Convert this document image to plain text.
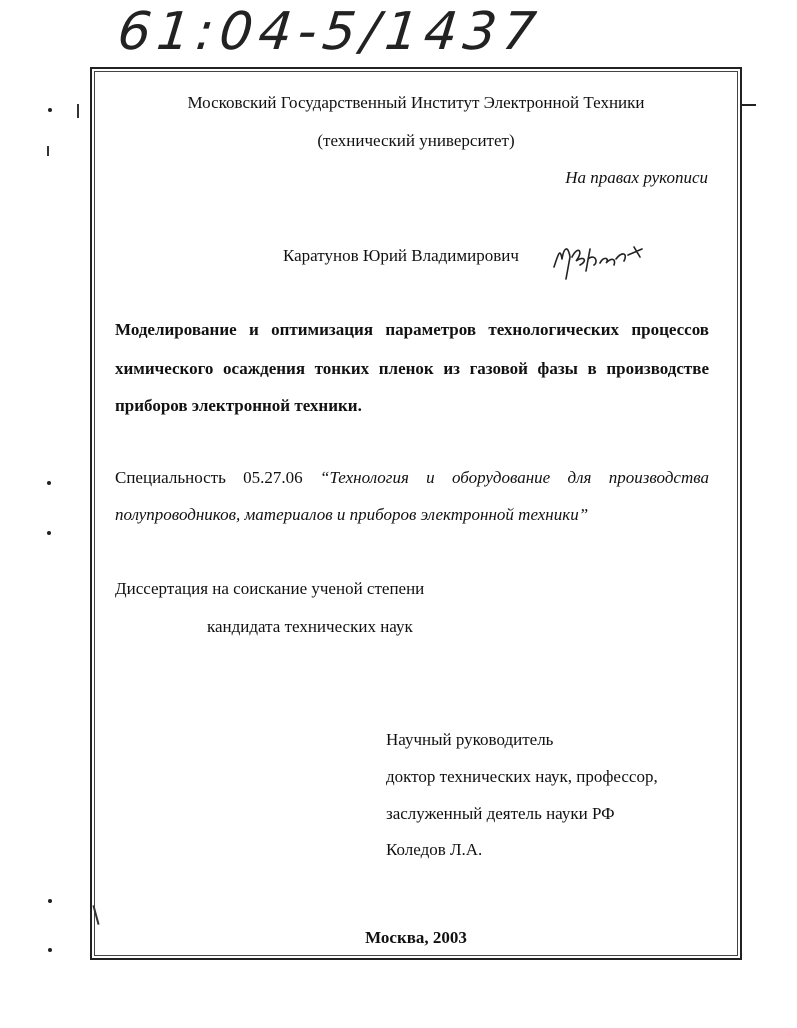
61:04-5/1437
Московский Государственный Институт Электронной Техники
(технический университет)
На правах рукописи
Каратунов Юрий Владимирович
Моделирование и оптимизация параметров технологических процессов
химического осаждения тонких пленок из газовой фазы в производстве
приборов электронной техники.
Специальность 05.27.06 “Технология и оборудование для производства
полупроводников, материалов и приборов электронной техники”
Диссертация на соискание ученой степени
кандидата технических наук
Научный руководитель
доктор технических наук, профессор,
заслуженный деятель науки РФ
Коледов Л.А.
Москва, 2003
